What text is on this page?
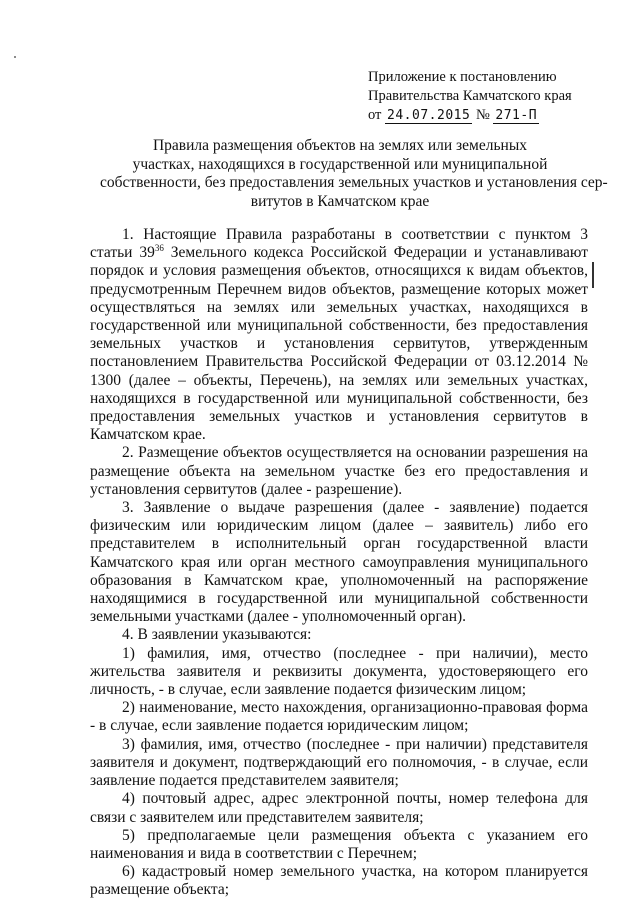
Приложение к постановлению
Правительства Камчатского края
от 24.07.2015 № 271-П
Правила размещения объектов на землях или земельных
участках, находящихся в государственной или муниципальной
собственности, без предоставления земельных участков и установления сер-
витутов в Камчатском крае

1. Настоящие Правила разработаны в соответствии с пунктом 3 статьи $39^{36}$ Земельного кодекса Российской Федерации и устанавливают порядок и условия размещения объектов, относящихся к видам объектов, предусмотренным Перечнем видов объектов, размещение которых может осуществляться на землях или земельных участках, находящихся в государственной или муниципальной собственности, без предоставления земельных участков и установления сервитутов, утвержденным постановлением Правительства Российской Федерации от 03.12.2014 № 1300 (далее – объекты, Перечень), на землях или земельных участках, находящихся в государственной или муниципальной собственности, без предоставления земельных участков и установления сервитутов в Камчатском крае.

2. Размещение объектов осуществляется на основании разрешения на размещение объекта на земельном участке без его предоставления и установления сервитутов (далее - разрешение).

3. Заявление о выдаче разрешения (далее - заявление) подается физическим или юридическим лицом (далее – заявитель) либо его представителем в исполнительный орган государственной власти Камчатского края или орган местного самоуправления муниципального образования в Камчатском крае, уполномоченный на распоряжение находящимися в государственной или муниципальной собственности земельными участками (далее - уполномоченный орган).

4. В заявлении указываются:

1) фамилия, имя, отчество (последнее - при наличии), место жительства заявителя и реквизиты документа, удостоверяющего его личность, - в случае, если заявление подается физическим лицом;

2) наименование, место нахождения, организационно-правовая форма - в случае, если заявление подается юридическим лицом;

3) фамилия, имя, отчество (последнее - при наличии) представителя заявителя и документ, подтверждающий его полномочия, - в случае, если заявление подается представителем заявителя;

4) почтовый адрес, адрес электронной почты, номер телефона для связи с заявителем или представителем заявителя;

5) предполагаемые цели размещения объекта с указанием его наименования и вида в соответствии с Перечнем;

6) кадастровый номер земельного участка, на котором планируется размещение объекта;
